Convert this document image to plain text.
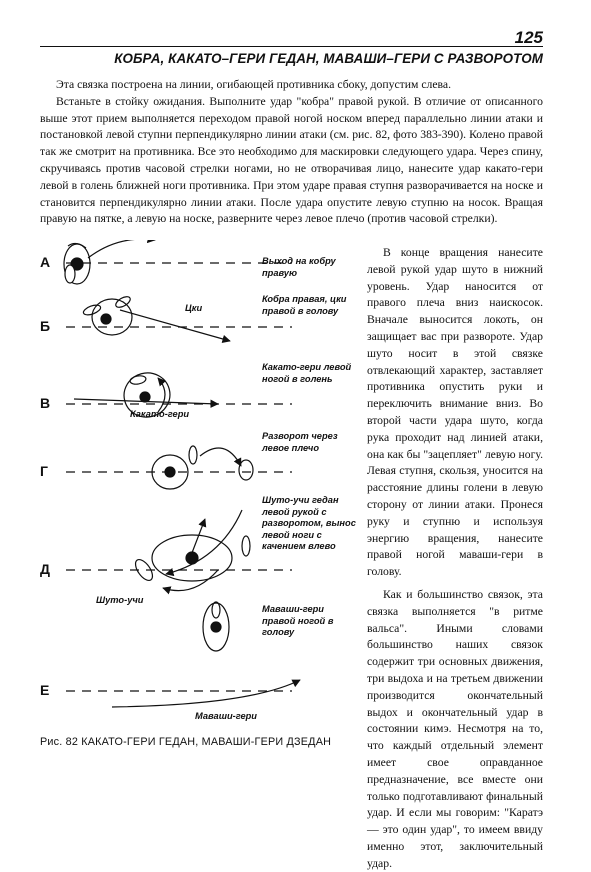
125
КОБРА, КАКАТО–ГЕРИ ГЕДАН, МАВАШИ–ГЕРИ С РАЗВОРОТОМ

Эта связка построена на линии, огибающей противника сбоку, допустим слева.

Встаньте в стойку ожидания. Выполните удар "кобра" правой рукой. В отличие от описанного выше этот прием выполняется переходом правой ногой носком вперед параллельно линии атаки и постановкой левой ступни перпендикулярно линии атаки (см. рис. 82, фото 383-390). Колено правой так же смотрит на противника. Все это необходимо для маскировки следующего удара. Через спину, скручиваясь против часовой стрелки ногами, но не отворачивая лицо, нанесите удар какато-гери левой в голень ближней ноги противника. При этом ударе правая ступня разворачивается на носке и становится перпендикулярно линии атаки. После удара опустите левую ступню на носок. Вращая правую на пятке, а левую на носке, разверните через левое плечо (против часовой стрелки).

А
Б
В
Г
Д
Е
Выход на кобру
правую
Кобра правая, цки
правой в голову
Какато-гери левой
ногой в голень
Разворот через
левое плечо
Шуто-учи гедан
левой рукой с
разворотом, вынос
левой ноги с
качением влево
Маваши-гери
правой ногой в
голову
Цки
Какато-гери
Шуто-учи
Маваши-гери
Рис. 82 КАКАТО-ГЕРИ ГЕДАН, МАВАШИ-ГЕРИ ДЗЕДАН

В конце вращения нанесите левой рукой удар шуто в нижний уровень. Удар наносится от правого плеча вниз наискосок. Вначале выносится локоть, он защищает вас при развороте. Удар шуто носит в этой связке отвлекающий характер, заставляет противника опустить руки и переключить внимание вниз. Во второй части удара шуто, когда рука проходит над линией атаки, она как бы "зацепляет" левую ногу. Левая ступня, скользя, уносится на расстояние длины голени в левую сторону от линии атаки. Пронеся руку и ступню и используя энергию вращения, нанесите правой ногой маваши-гери в голову.

Как и большинство связок, эта связка выполняется "в ритме вальса". Иными словами большинство наших связок содержит три основных движения, три выдоха и на третьем движении производится окончательный выдох и окончательный удар в состоянии кимэ. Несмотря на то, что каждый отдельный элемент имеет свое оправданное предназначение, все вместе они только подготавливают финальный удар. И если мы говорим: "Каратэ — это один удар", то имеем ввиду именно этот, заключительный удар.
